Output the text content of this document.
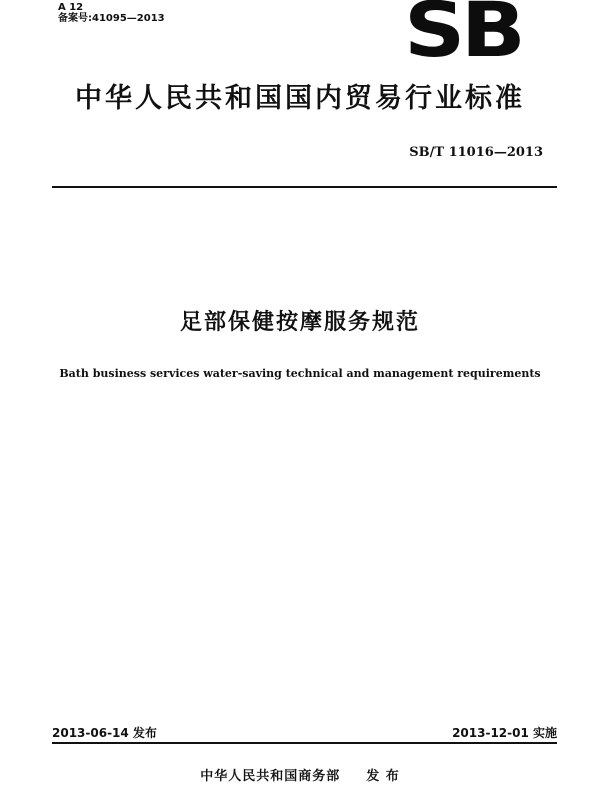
A 12
备案号:41095—2013	SB
中华人民共和国国内贸易行业标准
SB/T 11016—2013
足部保健按摩服务规范
Bath business services water-saving technical and management requirements
2013-06-14 发布	2013-12-01 实施
中华人民共和国商务部 发 布
